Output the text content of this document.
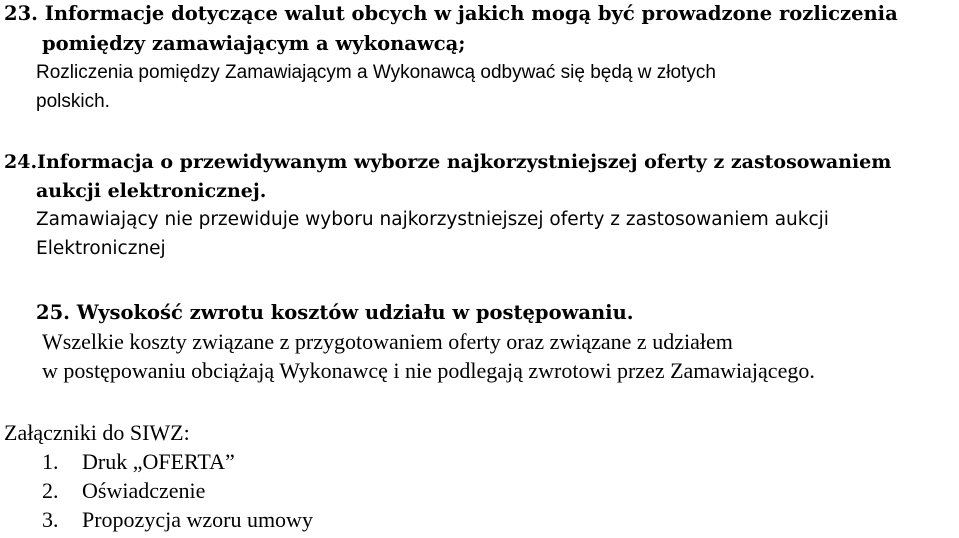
23. Informacje dotyczące walut obcych w jakich mogą być prowadzone rozliczenia
pomiędzy zamawiającym a wykonawcą;
Rozliczenia pomiędzy Zamawiającym a Wykonawcą odbywać się będą w złotych
polskich.
24.Informacja o przewidywanym wyborze najkorzystniejszej oferty z zastosowaniem
aukcji elektronicznej.
Zamawiający nie przewiduje wyboru najkorzystniejszej oferty z zastosowaniem aukcji
Elektronicznej
25. Wysokość zwrotu kosztów udziału w postępowaniu.
Wszelkie koszty związane z przygotowaniem oferty oraz związane z udziałem
w postępowaniu obciążają Wykonawcę i nie podlegają zwrotowi przez Zamawiającego.
Załączniki do SIWZ:
1. Druk „OFERTA”
2. Oświadczenie
3. Propozycja wzoru umowy
